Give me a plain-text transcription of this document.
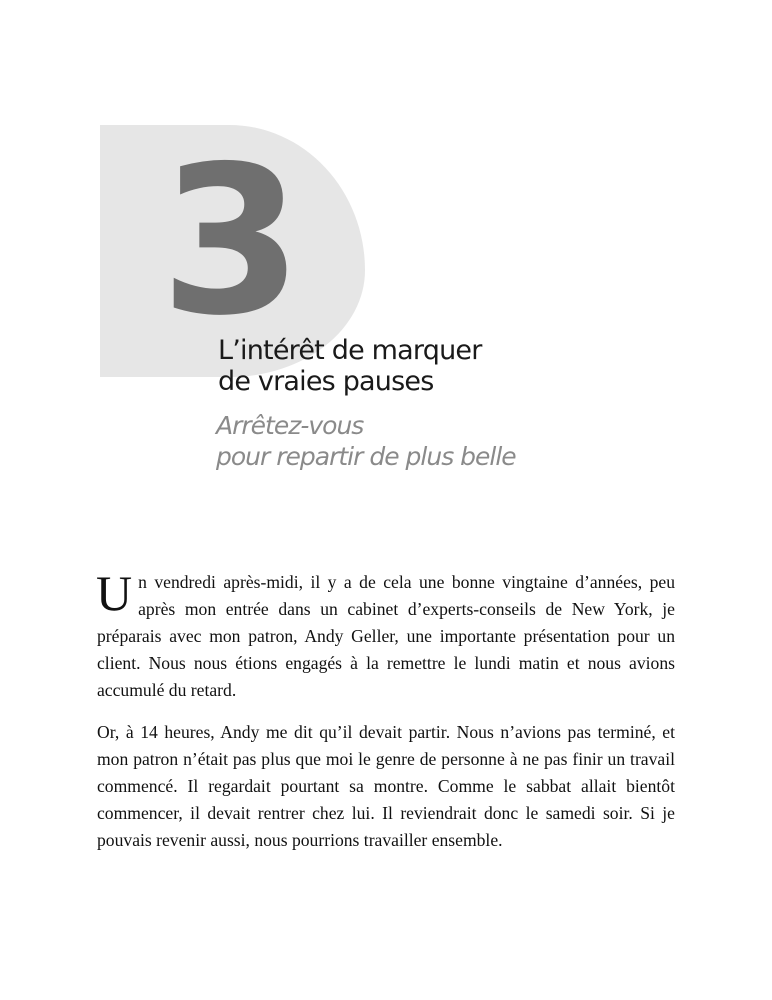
3
L’intérêt de marquer
de vraies pauses
Arrêtez-vous
pour repartir de plus belle

Un vendredi après-midi, il y a de cela une bonne vingtaine d’années, peu après mon entrée dans un cabinet d’experts-conseils de New York, je préparais avec mon patron, Andy Geller, une importante présentation pour un client. Nous nous étions engagés à la remettre le lundi matin et nous avions accumulé du retard.

Or, à 14 heures, Andy me dit qu’il devait partir. Nous n’avions pas terminé, et mon patron n’était pas plus que moi le genre de personne à ne pas finir un travail commencé. Il regardait pourtant sa montre. Comme le sabbat allait bientôt commencer, il devait rentrer chez lui. Il reviendrait donc le samedi soir. Si je pouvais revenir aussi, nous pourrions travailler ensemble.
